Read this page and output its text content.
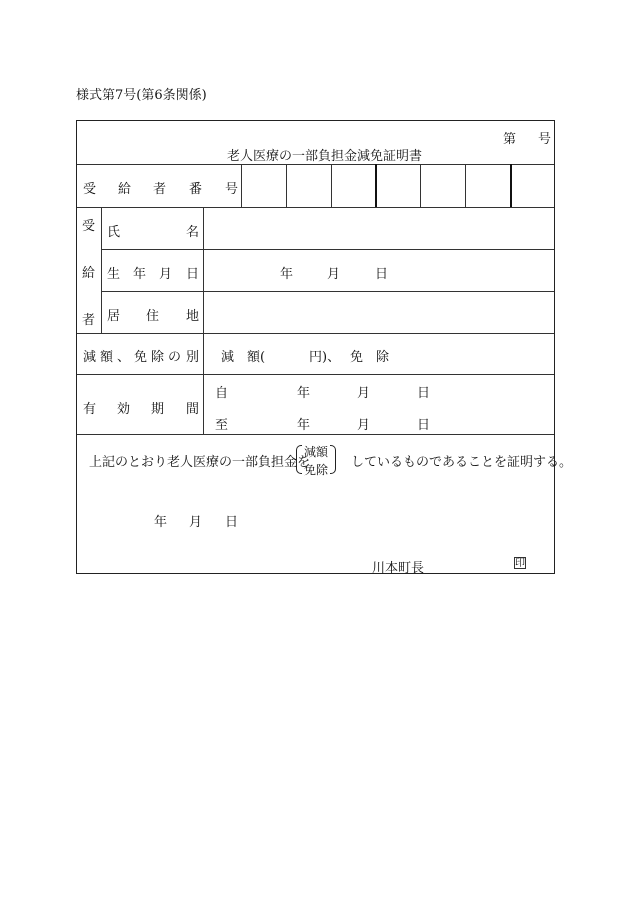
様式第7号(第6条関係)
第 号
老人医療の一部負担金減免証明書
受 給 者 番 号
受
給
者
氏	名
生 年 月 日	年	月	日
居 住 地
減 額 、 免 除 の 別 減　額(	円)、 免　除
有 効 期 間
自	年	月	日
至	年	月	日
上記のとおり老人医療の一部負担金を
減額
免除 しているものであることを証明する。
年 月 日
川本町長	印
